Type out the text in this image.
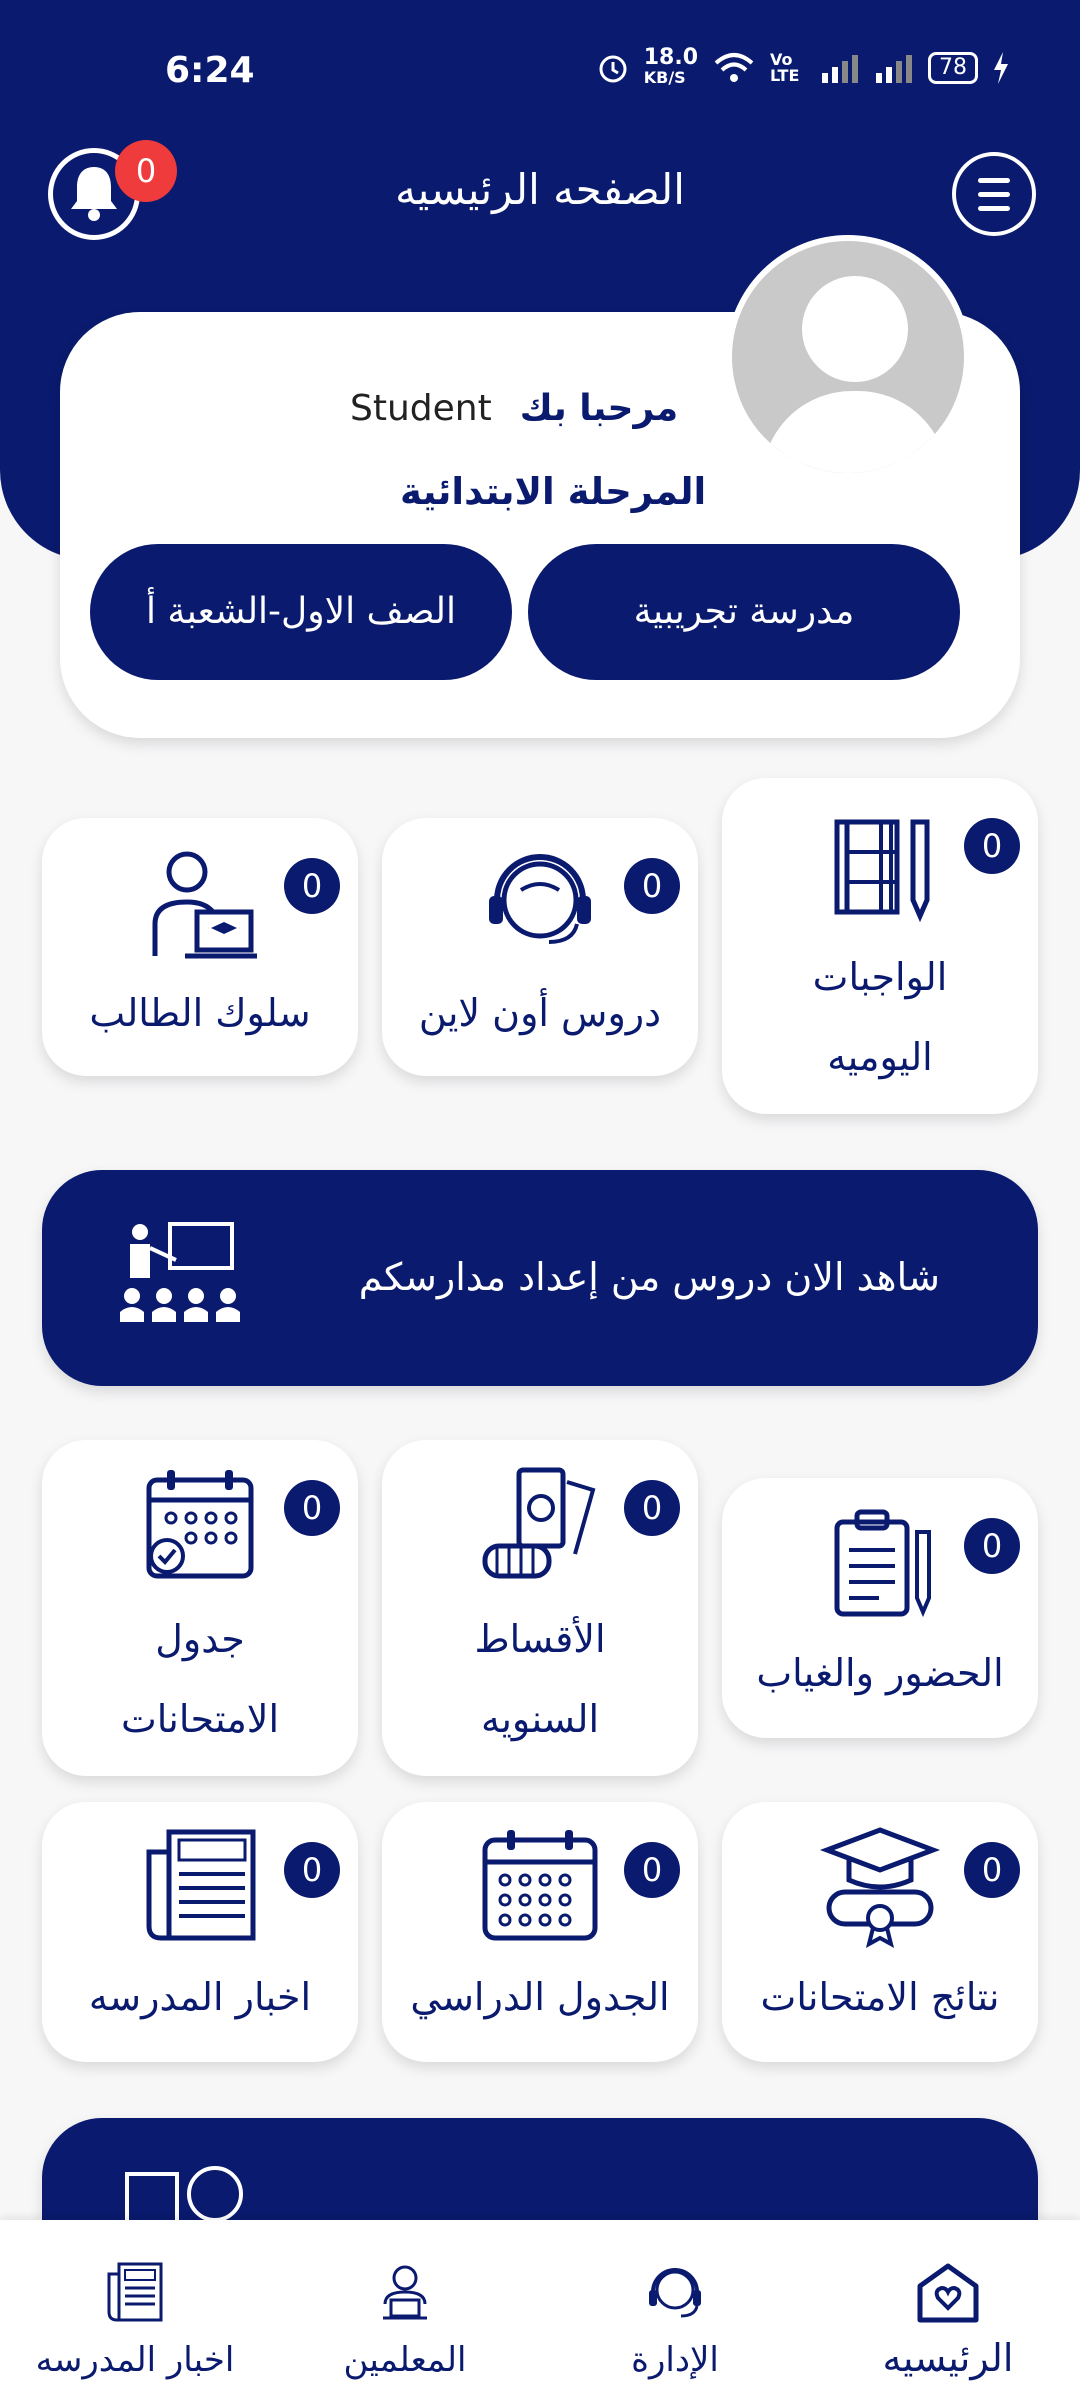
6:24	18.0
KB/S
Vo LTE	78
0	الصفحه الرئيسيه
Student مرحبا بك
المرحلة الابتدائية
مدرسة تجريبية
الصف الاول-الشعبة أ
0
الواجبات
اليوميه
0
دروس أون لاين
0
سلوك الطالب
شاهد الان دروس من إعداد مدارسكم
0
الحضور والغياب
0
الأقساط
السنويه
0
جدول
الامتحانات
0
نتائج الامتحانات
0
الجدول الدراسي
0
اخبار المدرسه
الرئيسيه
الإدارة
المعلمين
اخبار المدرسه
